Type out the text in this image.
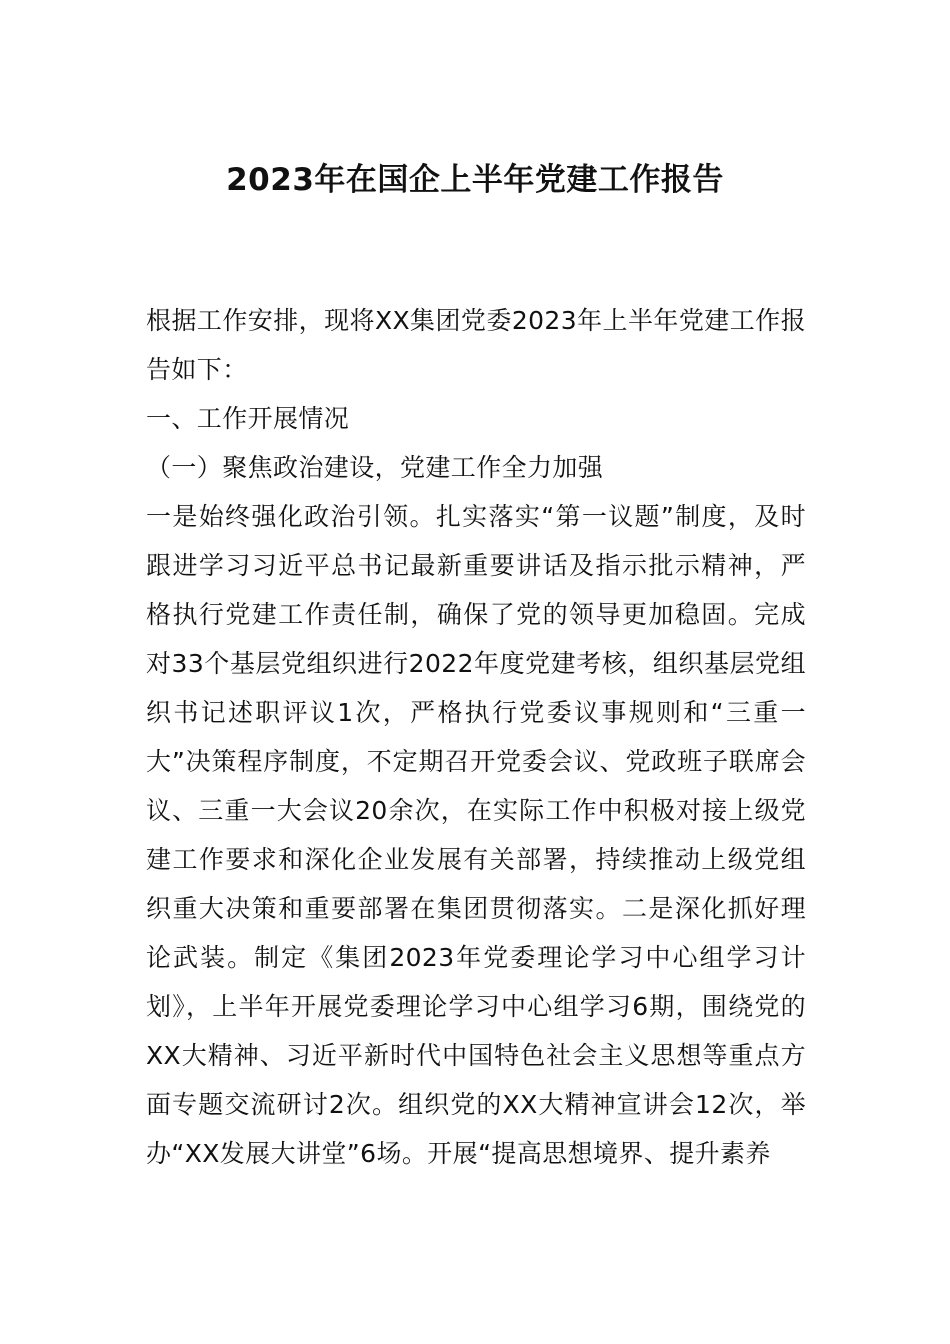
2023年在国企上半年党建工作报告

根据工作安排，现将XX集团党委2023年上半年党建工作报告如下：

一、工作开展情况

（一）聚焦政治建设，党建工作全力加强

一是始终强化政治引领。扎实落实“第一议题”制度，及时跟进学习习近平总书记最新重要讲话及指示批示精神，严格执行党建工作责任制，确保了党的领导更加稳固。完成对33个基层党组织进行2022年度党建考核，组织基层党组织书记述职评议1次，严格执行党委议事规则和“三重一大”决策程序制度，不定期召开党委会议、党政班子联席会议、三重一大会议20余次，在实际工作中积极对接上级党建工作要求和深化企业发展有关部署，持续推动上级党组织重大决策和重要部署在集团贯彻落实。二是深化抓好理论武装。制定《集团2023年党委理论学习中心组学习计划》，上半年开展党委理论学习中心组学习6期，围绕党的XX大精神、习近平新时代中国特色社会主义思想等重点方面专题交流研讨2次。组织党的XX大精神宣讲会12次，举办“XX发展大讲堂”6场。开展“提高思想境界、提升素养
